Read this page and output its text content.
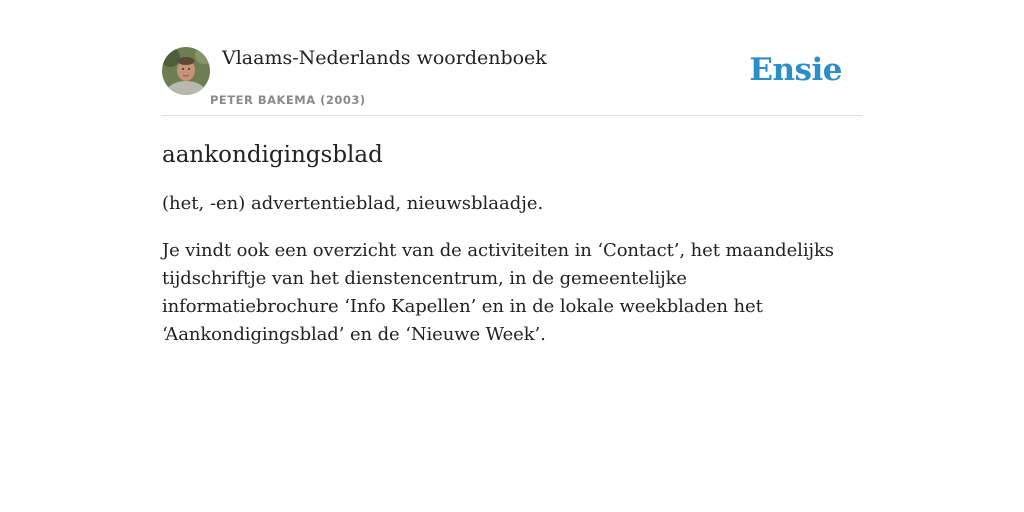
Vlaams-Nederlands woordenboek
PETER BAKEMA (2003)
Ensie
aankondigingsblad

(het, -en) advertentieblad, nieuwsblaadje.

Je vindt ook een overzicht van de activiteiten in ‘Contact’, het maandelijks tijdschriftje van het dienstencentrum, in de gemeentelijke informatiebrochure ‘Info Kapellen’ en in de lokale weekbladen het ‘Aankondigingsblad’ en de ‘Nieuwe Week’.
